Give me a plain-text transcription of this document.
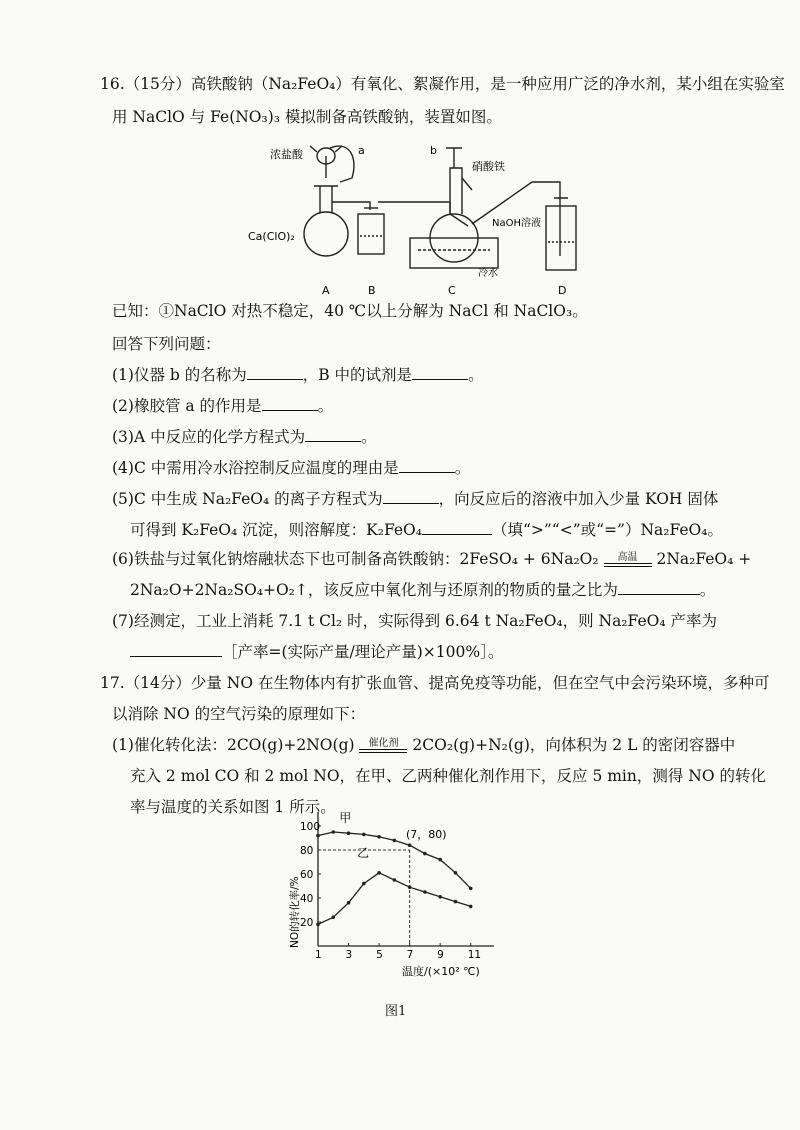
16.（15分）高铁酸钠（Na₂FeO₄）有氧化、絮凝作用，是一种应用广泛的净水剂，某小组在实验室
用 NaClO 与 Fe(NO₃)₃ 模拟制备高铁酸钠，装置如图。
浓盐酸	a	b
硝酸铁
Ca(ClO)₂
NaOH溶液
冷水
A	B	C	D
已知：①NaClO 对热不稳定，40 ℃以上分解为 NaCl 和 NaClO₃。
回答下列问题：
(1)仪器 b 的名称为	，B 中的试剂是	。
(2)橡胶管 a 的作用是	。
(3)A 中反应的化学方程式为	。
(4)C 中需用冷水浴控制反应温度的理由是	。
(5)C 中生成 Na₂FeO₄ 的离子方程式为	，向反应后的溶液中加入少量 KOH 固体
可得到 K₂FeO₄ 沉淀，则溶解度：K₂FeO₄	（填“>”“<”或“=”）Na₂FeO₄。
(6)铁盐与过氧化钠熔融状态下也可制备高铁酸钠：2FeSO₄ + 6Na₂O₂	高温	2Na₂FeO₄ +
2Na₂O+2Na₂SO₄+O₂↑，该反应中氧化剂与还原剂的物质的量之比为	。
(7)经测定，工业上消耗 7.1 t Cl₂ 时，实际得到 6.64 t Na₂FeO₄，则 Na₂FeO₄ 产率为
［产率=(实际产量/理论产量)×100%］。
17.（14分）少量 NO 在生物体内有扩张血管、提高免疫等功能，但在空气中会污染环境，多种可
以消除 NO 的空气污染的原理如下：
(1)催化转化法：2CO(g)+2NO(g)	催化剂 2CO₂(g)+N₂(g)，向体积为 2 L 的密闭容器中
充入 2 mol CO 和 2 mol NO，在甲、乙两种催化剂作用下，反应 5 min，测得 NO 的转化
率与温度的关系如图 1 所示。
1 3 5 7 9 11
20
40
60
80
100
甲
乙
NO的转化率/%
温度/(×10² ℃)
(7，80)
图1
